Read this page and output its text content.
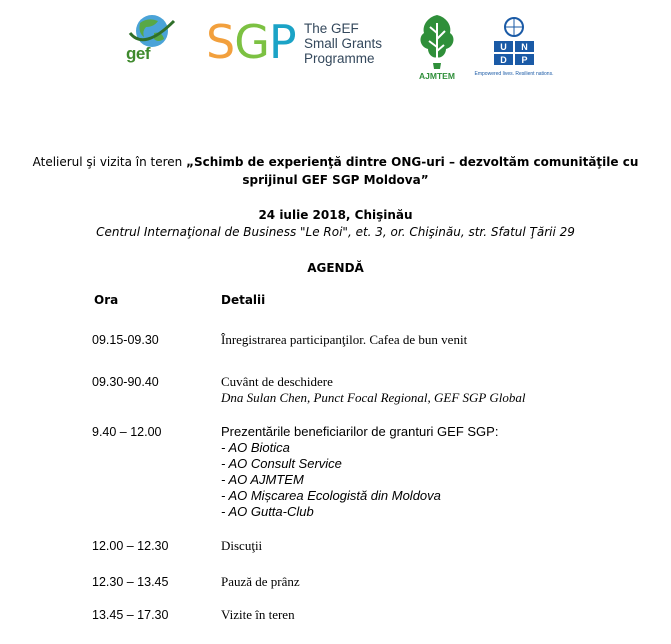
gef SGP The GEF
Small Grants
Programme
AJMTEM
U N
D P
Empowered lives. Resilient nations.
Atelierul şi vizita în teren „Schimb de experienţă dintre ONG-uri – dezvoltăm comunităţile cu
sprijinul GEF SGP Moldova”
24 iulie 2018, Chişinău
Centrul Internaţional de Business "Le Roi", et. 3, or. Chişinău, str. Sfatul Ţării 29
AGENDĂ
Ora	Detalii
09.15-09.30	Înregistrarea participanţilor. Cafea de bun venit
09.30-90.40	Cuvânt de deschidere
Dna Sulan Chen, Punct Focal Regional, GEF SGP Global
9.40 – 12.00	Prezentările beneficiarilor de granturi GEF SGP:
- AO Biotica
- AO Consult Service
- AO AJMTEM
- AO Mișcarea Ecologistă din Moldova
- AO Gutta-Club
12.00 – 12.30	Discuţii
12.30 – 13.45	Pauză de prânz
13.45 – 17.30	Vizite în teren
